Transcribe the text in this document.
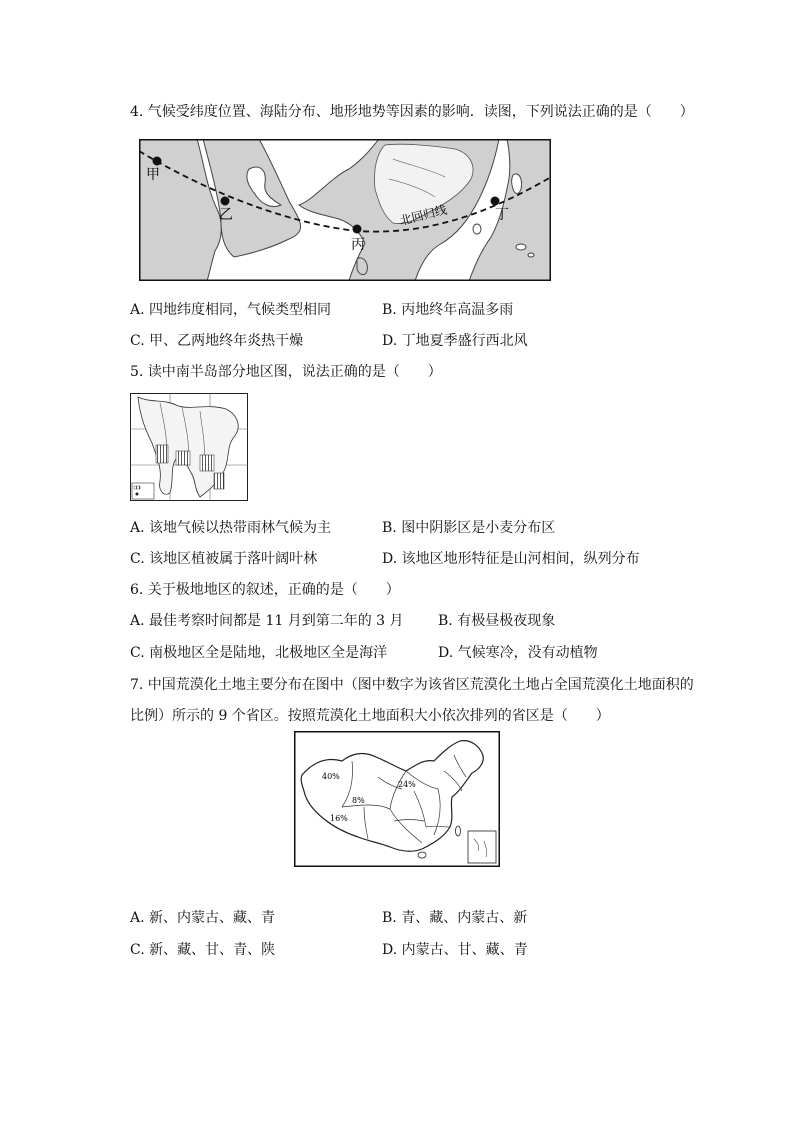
4. 气候受纬度位置、海陆分布、地形地势等因素的影响．读图，下列说法正确的是（　　）
甲
乙
丙
丁
北回归线
A. 四地纬度相同，气候类型相同	B. 丙地终年高温多雨
C. 甲、乙两地终年炎热干燥	D. 丁地夏季盛行西北风
5. 读中南半岛部分地区图，说法正确的是（　　）
A. 该地气候以热带雨林气候为主	B. 图中阴影区是小麦分布区
C. 该地区植被属于落叶阔叶林	D. 该地区地形特征是山河相间，纵列分布
6. 关于极地地区的叙述，正确的是（　　）
A. 最佳考察时间都是 11 月到第二年的 3 月 B. 有极昼极夜现象
C. 南极地区全是陆地，北极地区全是海洋	D. 气候寒冷，没有动植物
7. 中国荒漠化土地主要分布在图中（图中数字为该省区荒漠化土地占全国荒漠化土地面积的比例）所示的 9 个省区。按照荒漠化土地面积大小依次排列的省区是（　　）
40%
24%
8%
16%
A. 新、内蒙古、藏、青	B. 青、藏、内蒙古、新
C. 新、藏、甘、青、陕	D. 内蒙古、甘、藏、青
